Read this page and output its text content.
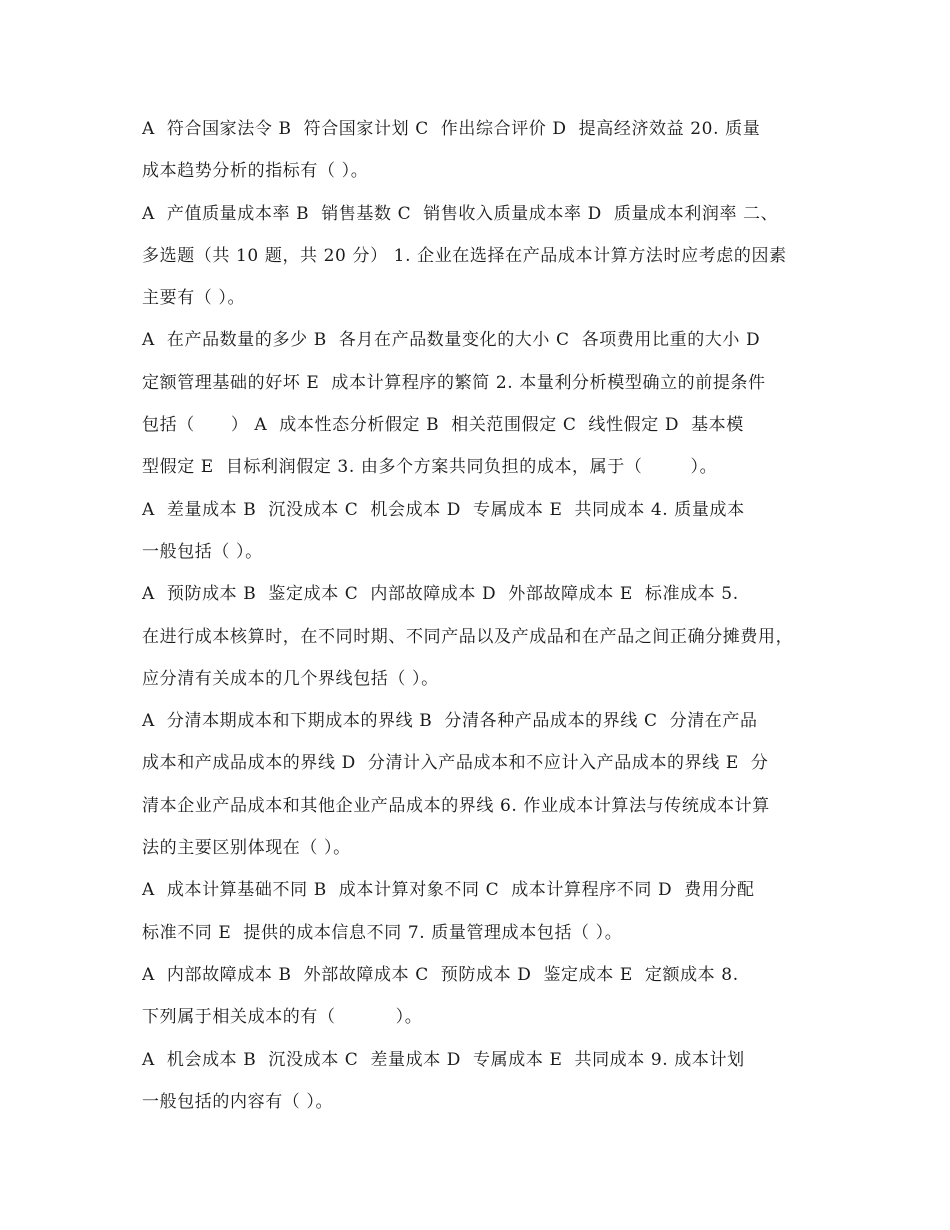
A  符合国家法令 B  符合国家计划 C  作出综合评价 D  提高经济效益 20. 质量
成本趋势分析的指标有（ ）。
A  产值质量成本率 B  销售基数 C  销售收入质量成本率 D  质量成本利润率 二、
多选题（共 10 题，共 20 分） 1. 企业在选择在产品成本计算方法时应考虑的因素
主要有（ ）。
A  在产品数量的多少 B  各月在产品数量变化的大小 C  各项费用比重的大小 D
定额管理基础的好坏 E  成本计算程序的繁简 2. 本量利分析模型确立的前提条件
包括（      ） A  成本性态分析假定 B  相关范围假定 C  线性假定 D  基本模
型假定 E  目标利润假定 3. 由多个方案共同负担的成本，属于（        ）。
A  差量成本 B  沉没成本 C  机会成本 D  专属成本 E  共同成本 4. 质量成本
一般包括（ ）。
A  预防成本 B  鉴定成本 C  内部故障成本 D  外部故障成本 E  标准成本 5.
在进行成本核算时，在不同时期、不同产品以及产成品和在产品之间正确分摊费用，
应分清有关成本的几个界线包括（ ）。
A  分清本期成本和下期成本的界线 B  分清各种产品成本的界线 C  分清在产品
成本和产成品成本的界线 D  分清计入产品成本和不应计入产品成本的界线 E  分
清本企业产品成本和其他企业产品成本的界线 6. 作业成本计算法与传统成本计算
法的主要区别体现在（ ）。
A  成本计算基础不同 B  成本计算对象不同 C  成本计算程序不同 D  费用分配
标准不同 E  提供的成本信息不同 7. 质量管理成本包括（ ）。
A  内部故障成本 B  外部故障成本 C  预防成本 D  鉴定成本 E  定额成本 8.
下列属于相关成本的有（          ）。
A  机会成本 B  沉没成本 C  差量成本 D  专属成本 E  共同成本 9. 成本计划
一般包括的内容有（ ）。
